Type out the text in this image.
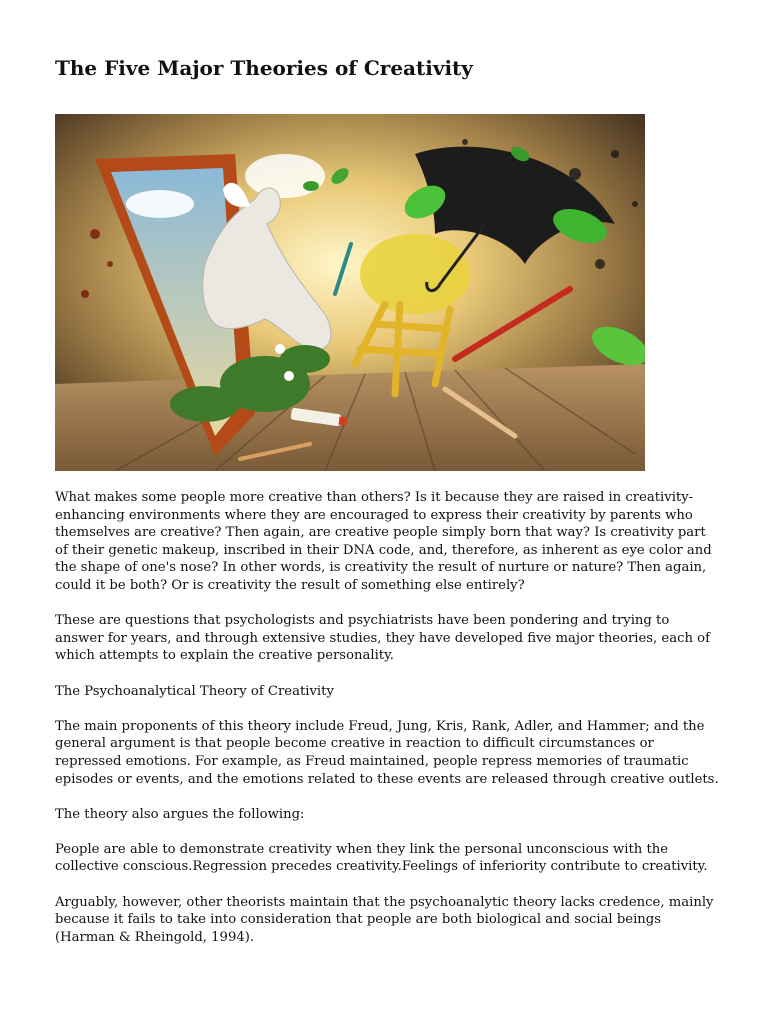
The Five Major Theories of Creativity

What makes some people more creative than others? Is it because they are raised in creativity-enhancing environments where they are encouraged to express their creativity by parents who themselves are creative? Then again, are creative people simply born that way? Is creativity part of their genetic makeup, inscribed in their DNA code, and, therefore, as inherent as eye color and the shape of one's nose? In other words, is creativity the result of nurture or nature? Then again, could it be both? Or is creativity the result of something else entirely?

These are questions that psychologists and psychiatrists have been pondering and trying to answer for years, and through extensive studies, they have developed five major theories, each of which attempts to explain the creative personality.

The Psychoanalytical Theory of Creativity

The main proponents of this theory include Freud, Jung, Kris, Rank, Adler, and Hammer; and the general argument is that people become creative in reaction to difficult circumstances or repressed emotions. For example, as Freud maintained, people repress memories of traumatic episodes or events, and the emotions related to these events are released through creative outlets.

The theory also argues the following:

People are able to demonstrate creativity when they link the personal unconscious with the collective conscious.Regression precedes creativity.Feelings of inferiority contribute to creativity.

Arguably, however, other theorists maintain that the psychoanalytic theory lacks credence, mainly because it fails to take into consideration that people are both biological and social beings (Harman & Rheingold, 1994).
